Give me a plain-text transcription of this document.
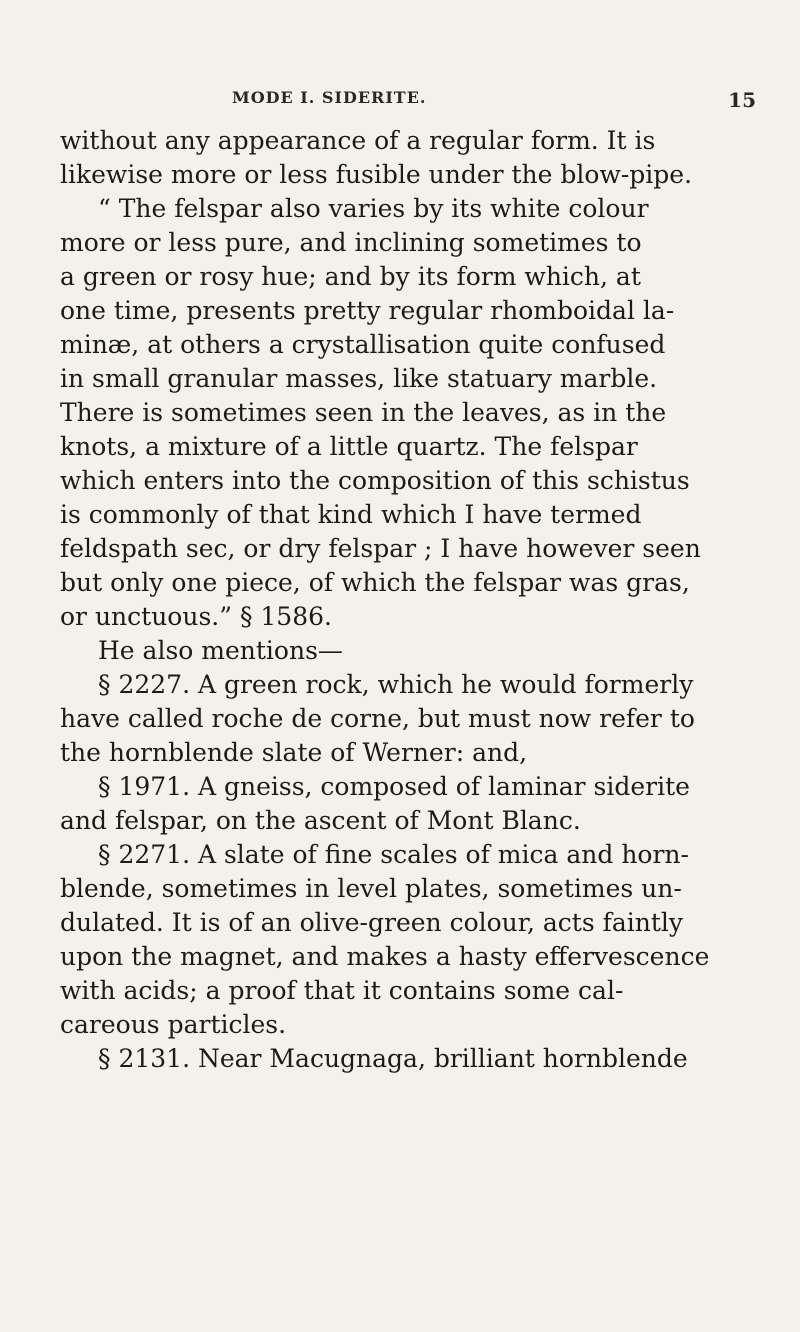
MODE I. SIDERITE.	15

without any appearance of a regular form. It is

likewise more or less fusible under the blow-pipe.

“ The felspar also varies by its white colour

more or less pure, and inclining sometimes to

a green or rosy hue; and by its form which, at

one time, presents pretty regular rhomboidal la-

minæ, at others a crystallisation quite confused

in small granular masses, like statuary marble.

There is sometimes seen in the leaves, as in the

knots, a mixture of a little quartz. The felspar

which enters into the composition of this schistus

is commonly of that kind which I have termed

feldspath sec, or dry felspar ; I have however seen

but only one piece, of which the felspar was gras,

or unctuous.” § 1586.

He also mentions—

§ 2227. A green rock, which he would formerly

have called roche de corne, but must now refer to

the hornblende slate of Werner: and,

§ 1971. A gneiss, composed of laminar siderite

and felspar, on the ascent of Mont Blanc.

§ 2271. A slate of fine scales of mica and horn-

blende, sometimes in level plates, sometimes un-

dulated. It is of an olive-green colour, acts faintly

upon the magnet, and makes a hasty effervescence

with acids; a proof that it contains some cal-

careous particles.

§ 2131. Near Macugnaga, brilliant hornblende
